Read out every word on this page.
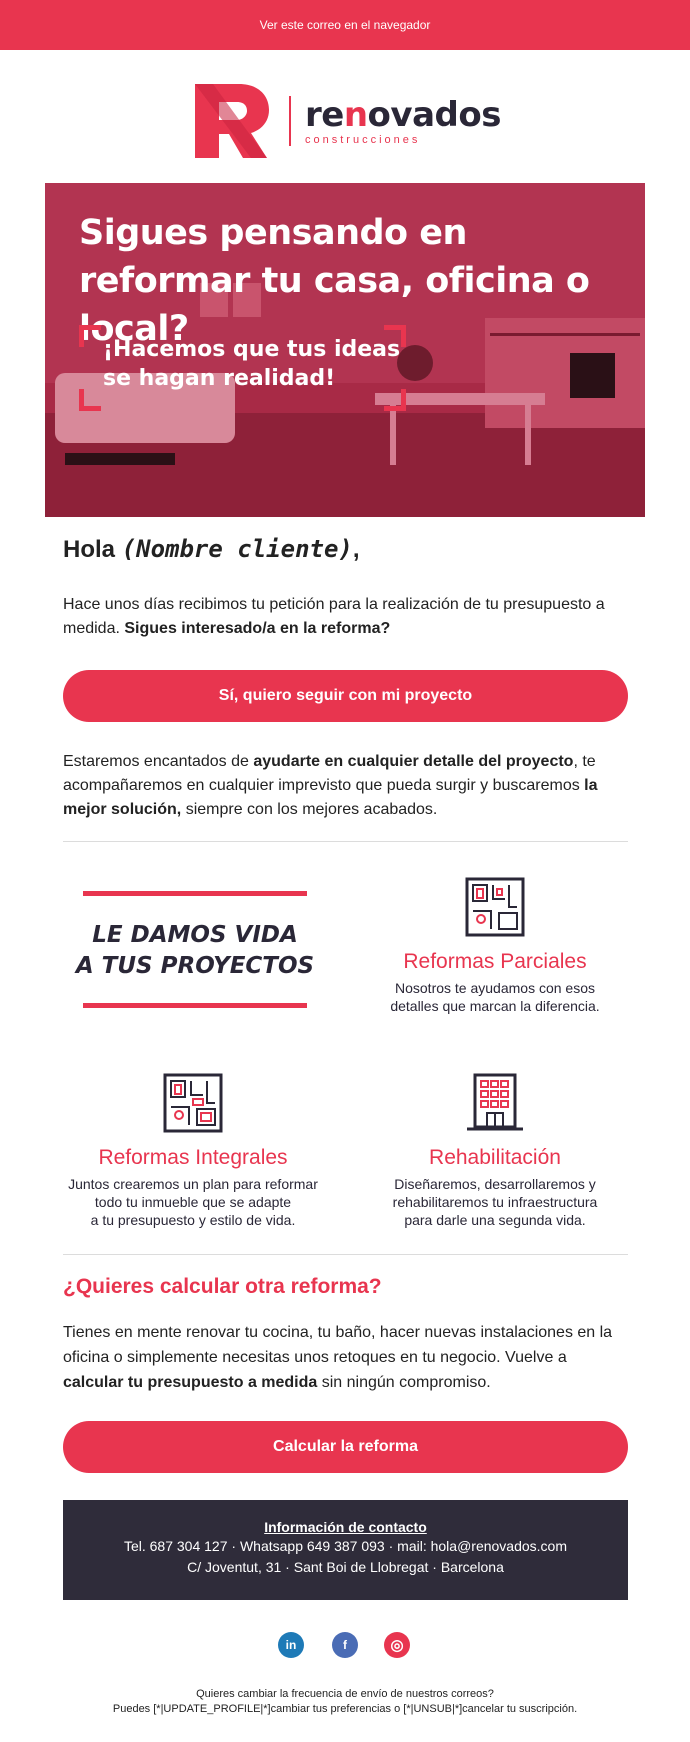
Ver este correo en el navegador
renovados
construcciones
Sigues pensando en reformar tu casa, oficina o local?
¡Hacemos que tus ideas
se hagan realidad!
Hola (Nombre cliente),
Hace unos días recibimos tu petición para la realización de tu presupuesto a medida. Sigues interesado/a en la reforma?
Sí, quiero seguir con mi proyecto
Estaremos encantados de ayudarte en cualquier detalle del proyecto, te acompañaremos en cualquier imprevisto que pueda surgir y buscaremos la mejor solución, siempre con los mejores acabados.
LE DAMOS VIDA
A TUS PROYECTOS	Reformas Parciales
Nosotros te ayudamos con esos
detalles que marcan la diferencia.
Reformas Integrales
Juntos crearemos un plan para reformar
todo tu inmueble que se adapte
a tu presupuesto y estilo de vida.
Rehabilitación
Diseñaremos, desarrollaremos y
rehabilitaremos tu infraestructura
para darle una segunda vida.
¿Quieres calcular otra reforma?
Tienes en mente renovar tu cocina, tu baño, hacer nuevas instalaciones en la oficina o simplemente necesitas unos retoques en tu negocio. Vuelve a calcular tu presupuesto a medida sin ningún compromiso.
Calcular la reforma
Información de contacto
Tel. 687 304 127 · Whatsapp 649 387 093 · mail: hola@renovados.com
C/ Joventut, 31 · Sant Boi de Llobregat · Barcelona
in	f	◎
Quieres cambiar la frecuencia de envío de nuestros correos?
Puedes [*|UPDATE_PROFILE|*]cambiar tus preferencias o [*|UNSUB|*]cancelar tu suscripción.
